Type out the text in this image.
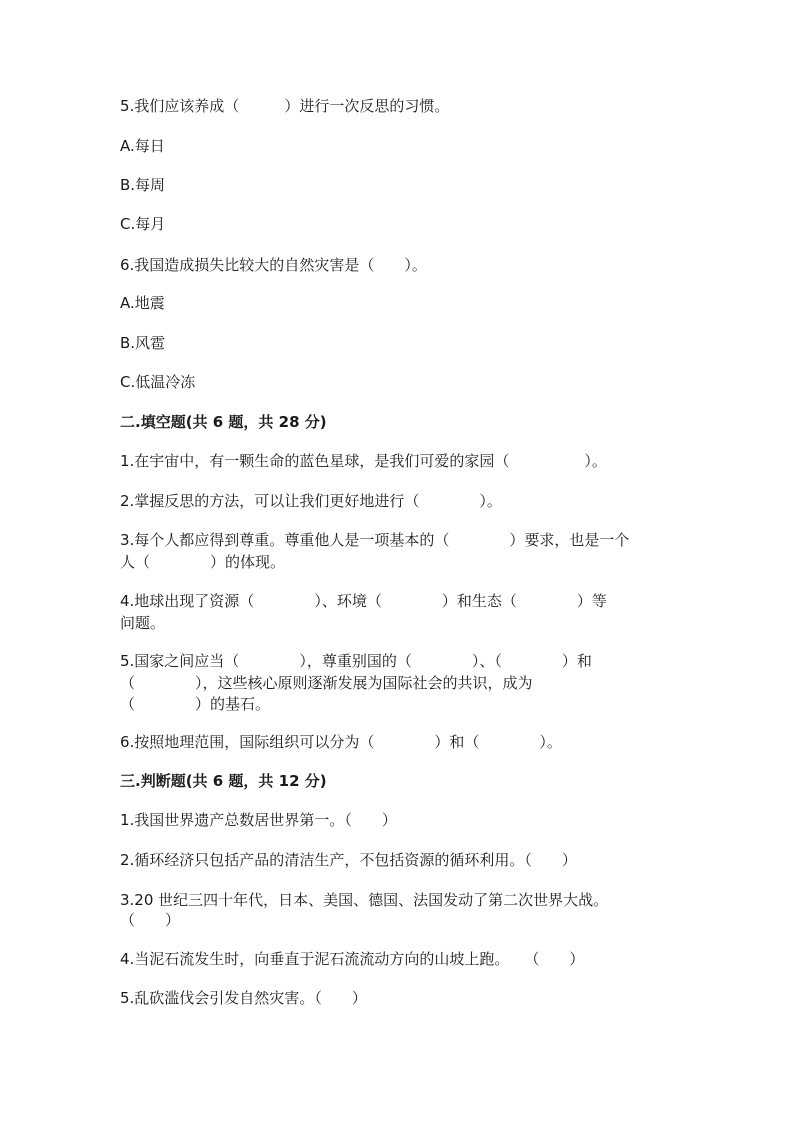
5.我们应该养成（　　　）进行一次反思的习惯。
A.每日
B.每周
C.每月
6.我国造成损失比较大的自然灾害是（　　）。
A.地震
B.风雹
C.低温冷冻
二.填空题(共 6 题，共 28 分)
1.在宇宙中，有一颗生命的蓝色星球，是我们可爱的家园（　　　　　）。
2.掌握反思的方法，可以让我们更好地进行（　　　　）。
3.每个人都应得到尊重。尊重他人是一项基本的（　　　　）要求，也是一个
人（　　　　）的体现。
4.地球出现了资源（　　　　）、环境（　　　　）和生态（　　　　）等
问题。
5.国家之间应当（　　　　），尊重别国的（　　　　）、（　　　　）和
（　　　　），这些核心原则逐渐发展为国际社会的共识，成为
（　　　　）的基石。
6.按照地理范围，国际组织可以分为（　　　　）和（　　　　）。
三.判断题(共 6 题，共 12 分)
1.我国世界遗产总数居世界第一。（　　）
2.循环经济只包括产品的清洁生产，不包括资源的循环利用。（　　）
3.20 世纪三四十年代，日本、美国、德国、法国发动了第二次世界大战。
（　　）
4.当泥石流发生时，向垂直于泥石流流动方向的山坡上跑。　　（　　）
5.乱砍滥伐会引发自然灾害。（　　）
